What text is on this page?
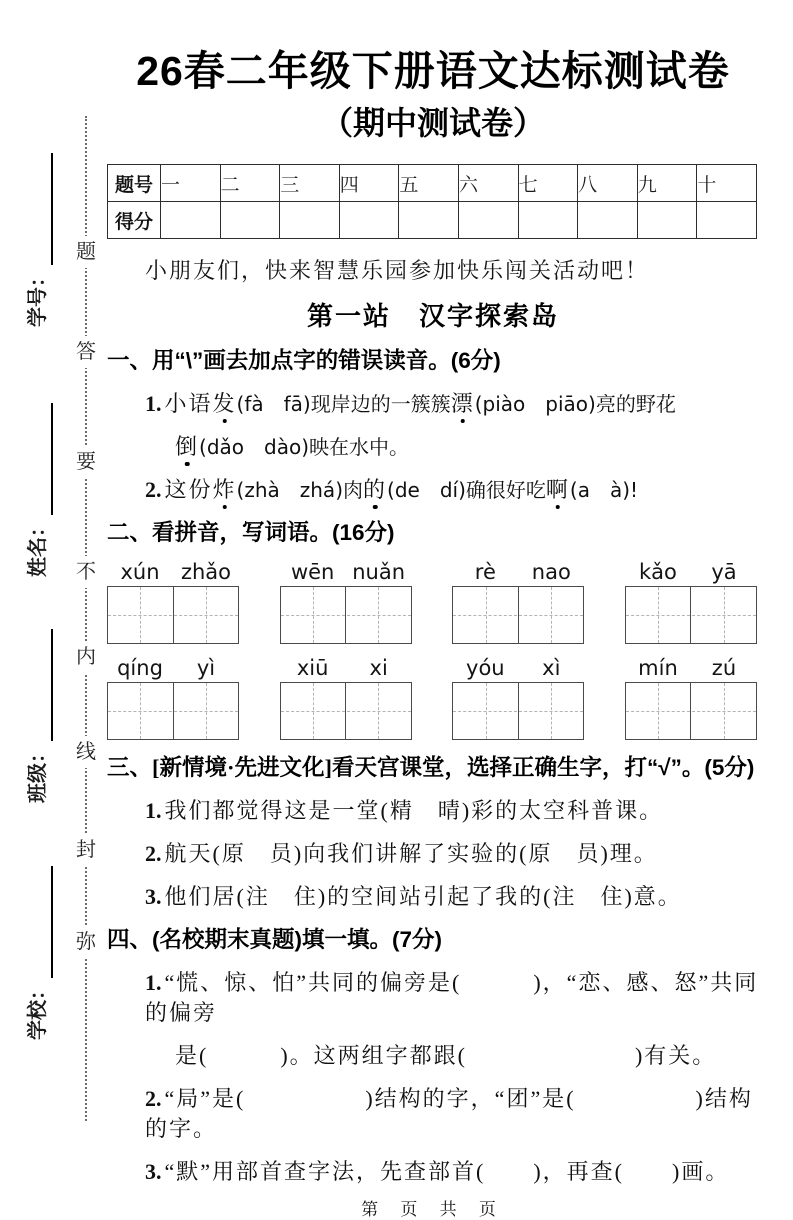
题
答
要
不
内
线
封
弥
学号：
姓名：
班级：
学校：
26春二年级下册语文达标测试卷
（期中测试卷）
题号	一	二	三	四	五	六	七	八	九	十
得分										
小朋友们，快来智慧乐园参加快乐闯关活动吧！
第一站　汉字探索岛
一、用“\”画去加点字的错误读音。(6分)
1. 小语发(fà　fā)现岸边的一簇簇漂(piào　piāo)亮的野花
倒(dǎo　dào)映在水中。
2. 这份炸(zhà　zhá)肉的(de　dí)确很好吃啊(a　à)!
二、看拼音，写词语。(16分)
xún	zhǎo	wēn nuǎn	rè	nao	kǎo	yā
qíng	yì	xiū	xi	yóu	xì	mín	zú
三、[新情境·先进文化]看天宫课堂，选择正确生字，打“√”。(5分)
1. 我们都觉得这是一堂(精　晴)彩的太空科普课。
2. 航天(原　员)向我们讲解了实验的(原　员)理。
3. 他们居(注　住)的空间站引起了我的(注　住)意。
四、(名校期末真题)填一填。(7分)
1. “慌、惊、怕”共同的偏旁是(　　　)，“恋、感、怒”共同的偏旁
是(　　　)。这两组字都跟(　　　　　　　)有关。
2. “局”是(　　　　　)结构的字，“团”是(　　　　　)结构的字。
3. “默”用部首查字法，先查部首(　　)，再查(　　)画。
第 页 共 页
